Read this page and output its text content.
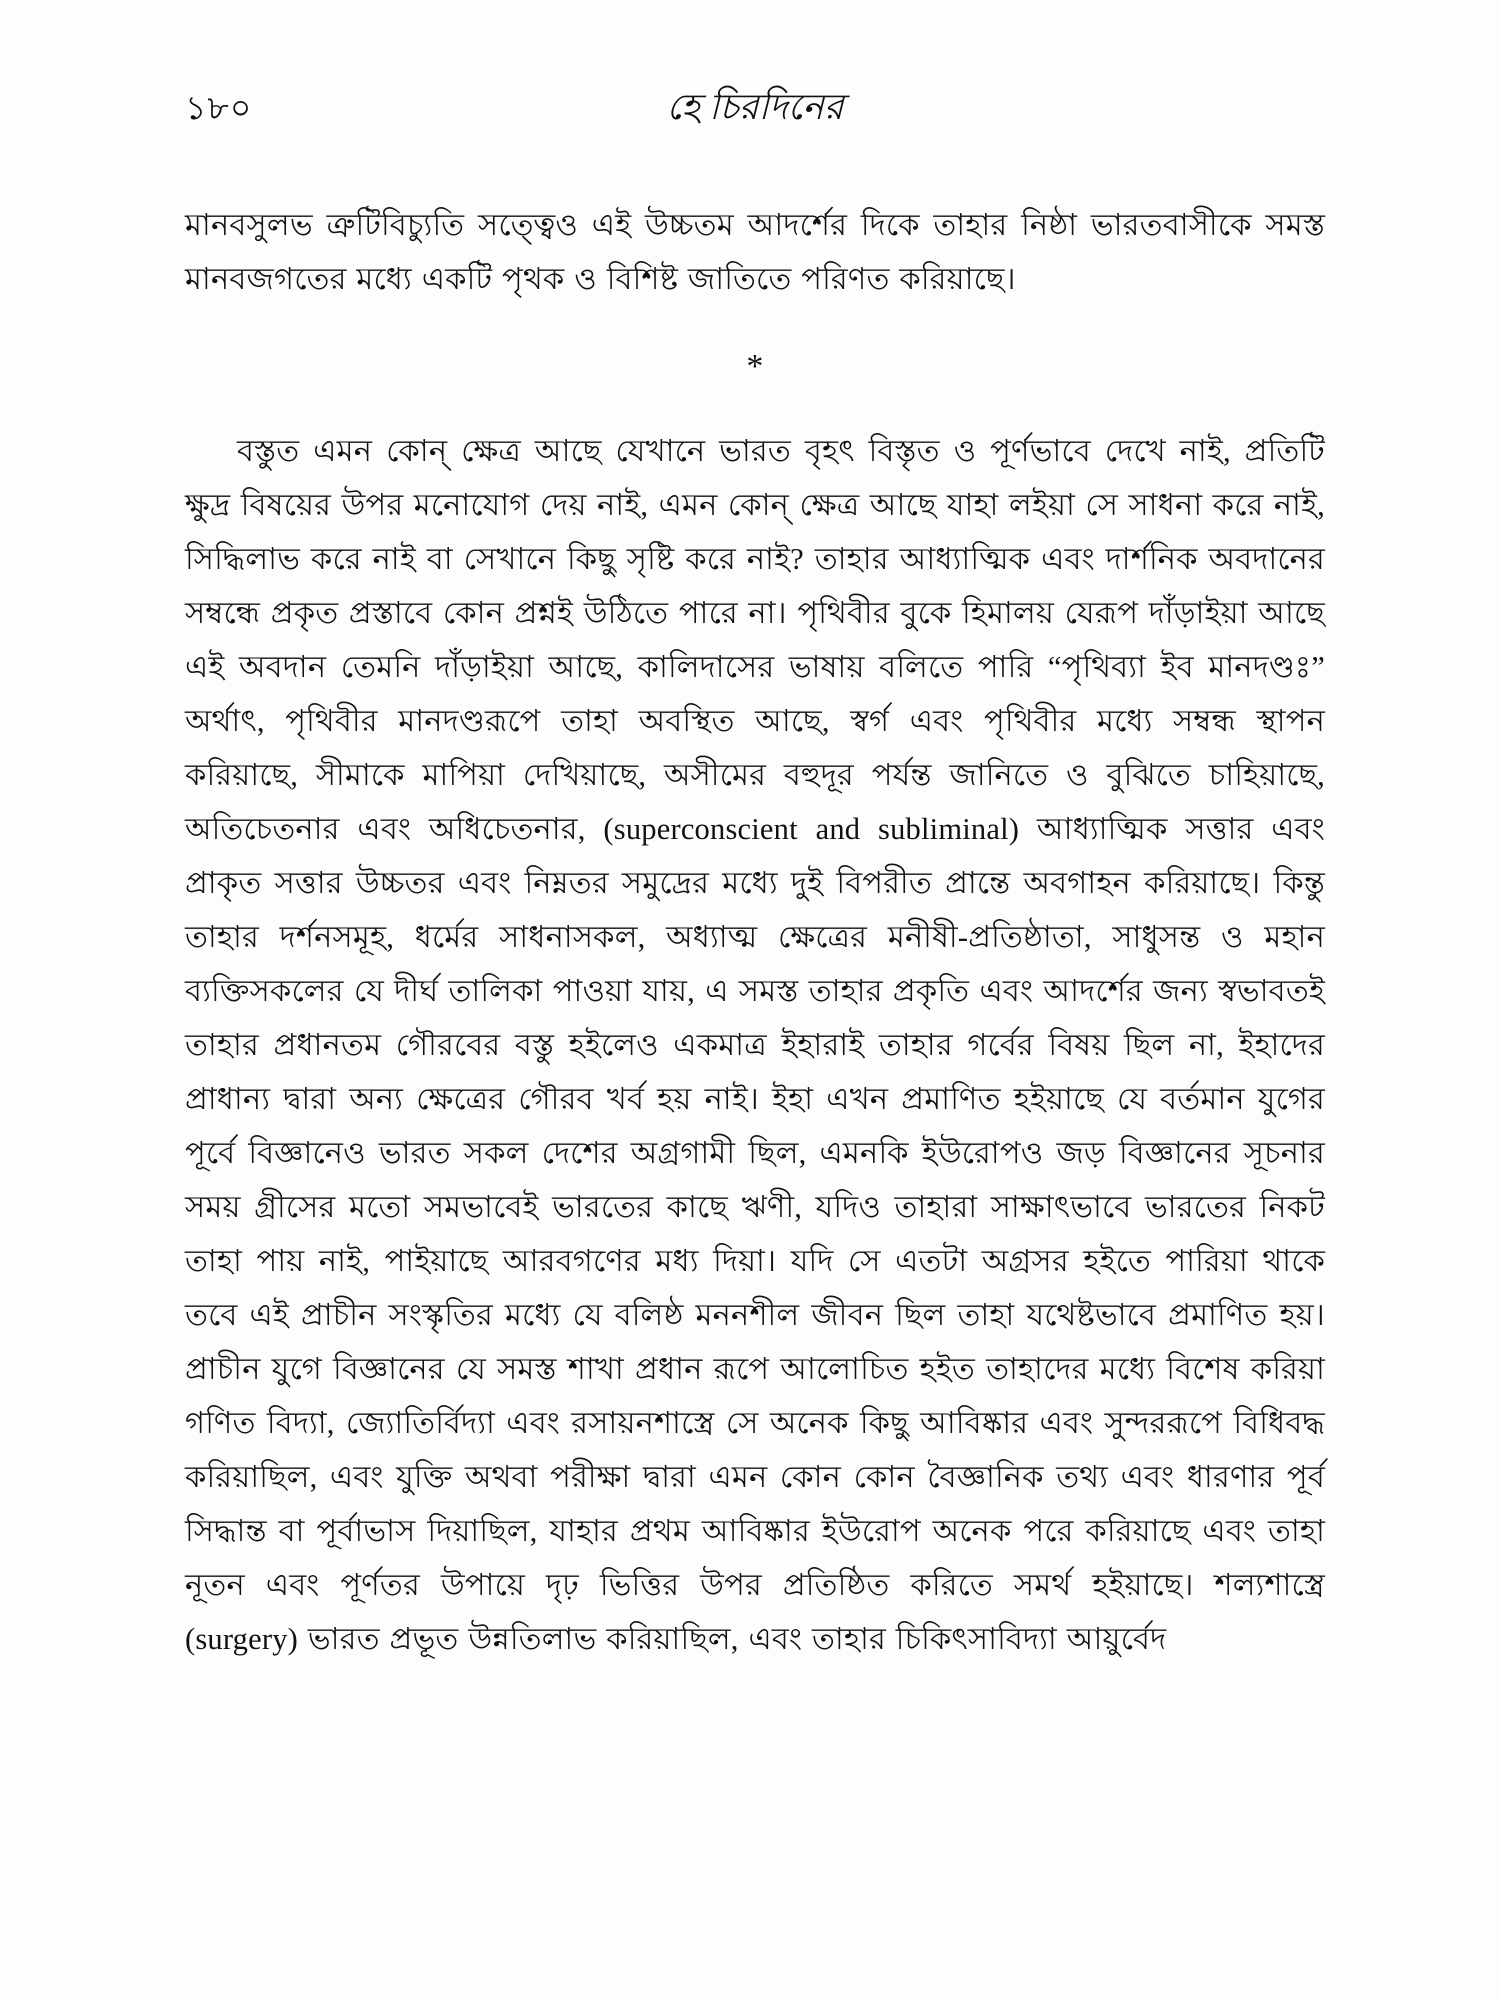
১৮০	হে চিরদিনের

মানবসুলভ ত্রুটিবিচ্যুতি সত্ত্বেও এই উচ্চতম আদর্শের দিকে তাহার নিষ্ঠা ভারতবাসীকে সমস্ত মানবজগতের মধ্যে একটি পৃথক ও বিশিষ্ট জাতিতে পরিণত করিয়াছে।

*

বস্তুত এমন কোন্‌ ক্ষেত্র আছে যেখানে ভারত বৃহৎ বিস্তৃত ও পূর্ণভাবে দেখে নাই, প্রতিটি ক্ষুদ্র বিষয়ের উপর মনোযোগ দেয় নাই, এমন কোন্‌ ক্ষেত্র আছে যাহা লইয়া সে সাধনা করে নাই, সিদ্ধিলাভ করে নাই বা সেখানে কিছু সৃষ্টি করে নাই? তাহার আধ্যাত্মিক এবং দার্শনিক অবদানের সম্বন্ধে প্রকৃত প্রস্তাবে কোন প্রশ্নই উঠিতে পারে না। পৃথিবীর বুকে হিমালয় যেরূপ দাঁড়াইয়া আছে এই অবদান তেমনি দাঁড়াইয়া আছে, কালিদাসের ভাষায় বলিতে পারি “পৃথিব্যা ইব মানদণ্ডঃ” অর্থাৎ, পৃথিবীর মানদণ্ডরূপে তাহা অবস্থিত আছে, স্বর্গ এবং পৃথিবীর মধ্যে সম্বন্ধ স্থাপন করিয়াছে, সীমাকে মাপিয়া দেখিয়াছে, অসীমের বহুদূর পর্যন্ত জানিতে ও বুঝিতে চাহিয়াছে, অতিচেতনার এবং অধিচেতনার, (superconscient and subliminal) আধ্যাত্মিক সত্তার এবং প্রাকৃত সত্তার উচ্চতর এবং নিম্নতর সমুদ্রের মধ্যে দুই বিপরীত প্রান্তে অবগাহন করিয়াছে। কিন্তু তাহার দর্শনসমূহ, ধর্মের সাধনাসকল, অধ্যাত্ম ক্ষেত্রের মনীষী-প্রতিষ্ঠাতা, সাধুসন্ত ও মহান ব্যক্তিসকলের যে দীর্ঘ তালিকা পাওয়া যায়, এ সমস্ত তাহার প্রকৃতি এবং আদর্শের জন্য স্বভাবতই তাহার প্রধানতম গৌরবের বস্তু হইলেও একমাত্র ইহারাই তাহার গর্বের বিষয় ছিল না, ইহাদের প্রাধান্য দ্বারা অন্য ক্ষেত্রের গৌরব খর্ব হয় নাই। ইহা এখন প্রমাণিত হইয়াছে যে বর্তমান যুগের পূর্বে বিজ্ঞানেও ভারত সকল দেশের অগ্রগামী ছিল, এমনকি ইউরোপও জড় বিজ্ঞানের সূচনার সময় গ্রীসের মতো সমভাবেই ভারতের কাছে ঋণী, যদিও তাহারা সাক্ষাৎভাবে ভারতের নিকট তাহা পায় নাই, পাইয়াছে আরবগণের মধ্য দিয়া। যদি সে এতটা অগ্রসর হইতে পারিয়া থাকে তবে এই প্রাচীন সংস্কৃতির মধ্যে যে বলিষ্ঠ মননশীল জীবন ছিল তাহা যথেষ্টভাবে প্রমাণিত হয়। প্রাচীন যুগে বিজ্ঞানের যে সমস্ত শাখা প্রধান রূপে আলোচিত হইত তাহাদের মধ্যে বিশেষ করিয়া গণিত বিদ্যা, জ্যোতির্বিদ্যা এবং রসায়নশাস্ত্রে সে অনেক কিছু আবিষ্কার এবং সুন্দররূপে বিধিবদ্ধ করিয়াছিল, এবং যুক্তি অথবা পরীক্ষা দ্বারা এমন কোন কোন বৈজ্ঞানিক তথ্য এবং ধারণার পূর্ব সিদ্ধান্ত বা পূর্বাভাস দিয়াছিল, যাহার প্রথম আবিষ্কার ইউরোপ অনেক পরে করিয়াছে এবং তাহা নূতন এবং পূর্ণতর উপায়ে দৃঢ় ভিত্তির উপর প্রতিষ্ঠিত করিতে সমর্থ হইয়াছে। শল্যশাস্ত্রে (surgery) ভারত প্রভূত উন্নতিলাভ করিয়াছিল, এবং তাহার চিকিৎসাবিদ্যা আয়ুর্বেদ
